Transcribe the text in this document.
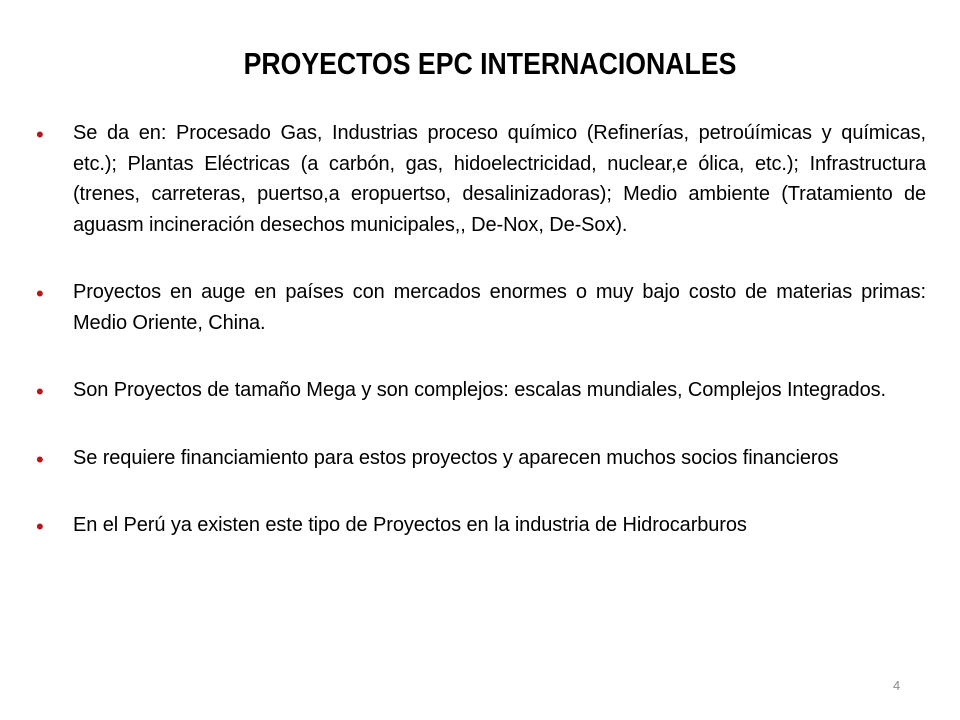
PROYECTOS EPC INTERNACIONALES
•	Se da en: Procesado Gas, Industrias proceso químico (Refinerías, petroúímicas y químicas, etc.); Plantas Eléctricas (a carbón, gas, hidoelectricidad, nuclear,e ólica, etc.); Infrastructura (trenes, carreteras, puertso,a eropuertso, desalinizadoras); Medio ambiente (Tratamiento de aguasm incineración desechos municipales,, De-Nox, De-Sox).
•	Proyectos en auge en países con mercados enormes o muy bajo costo de materias primas: Medio Oriente, China.
•	Son Proyectos de tamaño Mega y son complejos: escalas mundiales, Complejos Integrados.
•	Se requiere financiamiento para estos proyectos y aparecen muchos socios financieros
•	En el Perú ya existen este tipo de Proyectos en la industria de Hidrocarburos
4
